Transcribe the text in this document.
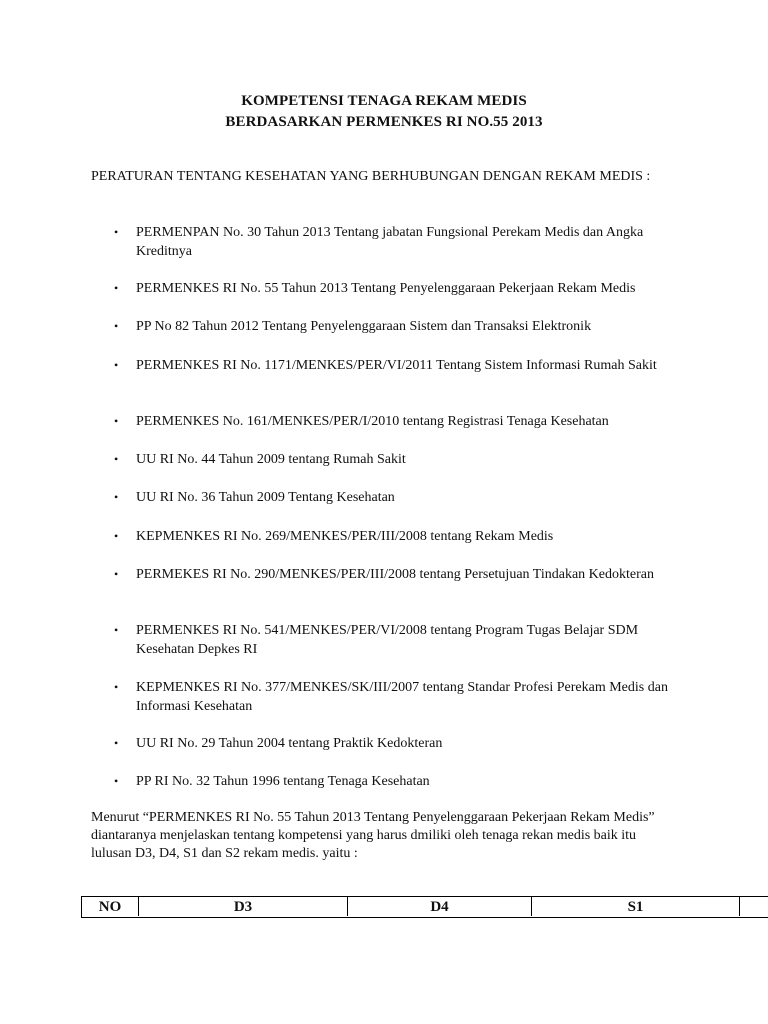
KOMPETENSI TENAGA REKAM MEDIS
BERDASARKAN PERMENKES RI NO.55 2013
PERATURAN TENTANG KESEHATAN YANG BERHUBUNGAN DENGAN REKAM MEDIS :
•	PERMENPAN No. 30 Tahun 2013 Tentang jabatan Fungsional Perekam Medis dan Angka Kreditnya
•	PERMENKES RI No. 55 Tahun 2013 Tentang Penyelenggaraan Pekerjaan Rekam Medis
•	PP No 82 Tahun 2012 Tentang Penyelenggaraan Sistem dan Transaksi Elektronik
•	PERMENKES RI No. 1171/MENKES/PER/VI/2011 Tentang Sistem Informasi Rumah Sakit
•	PERMENKES No. 161/MENKES/PER/I/2010 tentang Registrasi Tenaga Kesehatan
•	UU RI No. 44 Tahun 2009 tentang Rumah Sakit
•	UU RI No. 36 Tahun 2009 Tentang Kesehatan
•	KEPMENKES RI No. 269/MENKES/PER/III/2008 tentang Rekam Medis
•	PERMEKES RI No. 290/MENKES/PER/III/2008 tentang Persetujuan Tindakan Kedokteran
•	PERMENKES RI No. 541/MENKES/PER/VI/2008 tentang Program Tugas Belajar SDM Kesehatan Depkes RI
•	KEPMENKES RI No. 377/MENKES/SK/III/2007 tentang Standar Profesi Perekam Medis dan Informasi Kesehatan
•	UU RI No. 29 Tahun 2004 tentang Praktik Kedokteran
•	PP RI No. 32 Tahun 1996 tentang Tenaga Kesehatan
Menurut “PERMENKES RI No. 55 Tahun 2013 Tentang Penyelenggaraan Pekerjaan Rekam Medis” diantaranya menjelaskan tentang kompetensi yang harus dmiliki oleh tenaga rekan medis baik itu lulusan D3, D4, S1 dan S2 rekam medis. yaitu :
NO	D3	D4	S1
